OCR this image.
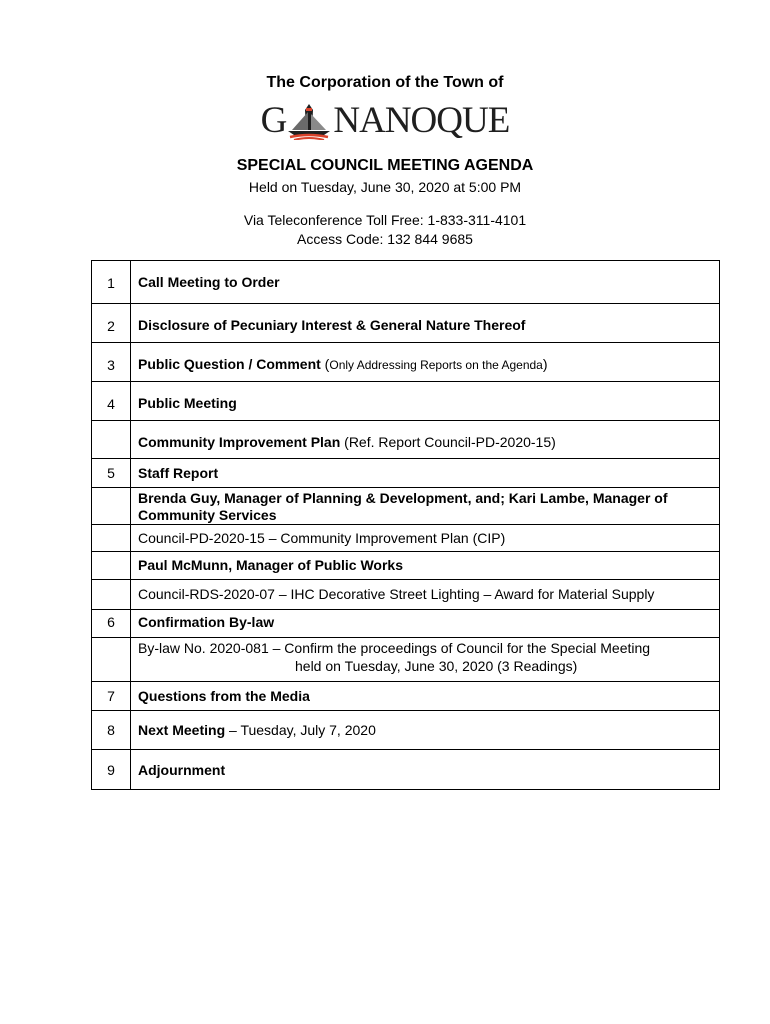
The Corporation of the Town of
G NANOQUE
SPECIAL COUNCIL MEETING AGENDA
Held on Tuesday, June 30, 2020 at 5:00 PM
Via Teleconference Toll Free: 1-833-311-4101
Access Code: 132 844 9685
1	Call Meeting to Order
2	Disclosure of Pecuniary Interest & General Nature Thereof
3	Public Question / Comment (Only Addressing Reports on the Agenda)
4	Public Meeting
	Community Improvement Plan (Ref. Report Council-PD-2020-15)
5	Staff Report
	Brenda Guy, Manager of Planning & Development, and; Kari Lambe, Manager of Community Services
	Council-PD-2020-15 – Community Improvement Plan (CIP)
	Paul McMunn, Manager of Public Works
	Council-RDS-2020-07 – IHC Decorative Street Lighting – Award for Material Supply
6	Confirmation By-law
	By-law No. 2020-081 – Confirm the proceedings of Council for the Special Meeting
held on Tuesday, June 30, 2020 (3 Readings)

7	Questions from the Media
8	Next Meeting – Tuesday, July 7, 2020
9	Adjournment
